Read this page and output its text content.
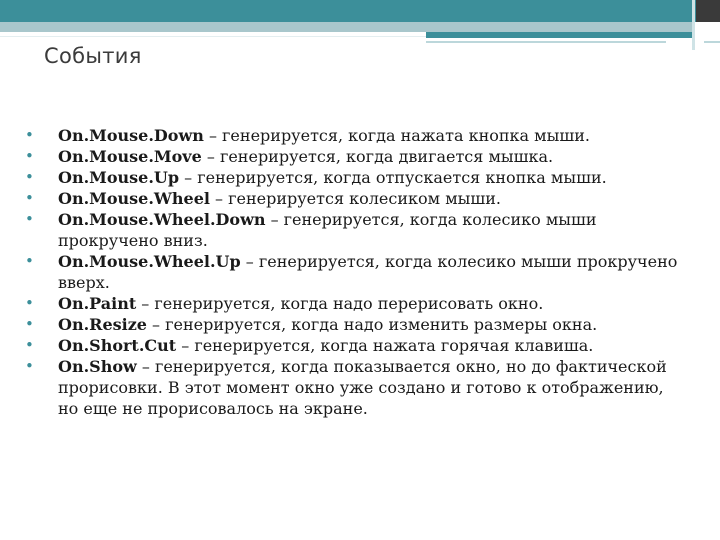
События
• On.Mouse.Down – генерируется, когда нажата кнопка мыши.
• On.Mouse.Move – генерируется, когда двигается мышка.
• On.Mouse.Up – генерируется, когда отпускается кнопка мыши.
• On.Mouse.Wheel – генерируется колесиком мыши.
• On.Mouse.Wheel.Down – генерируется, когда колесико мыши прокручено вниз.
• On.Mouse.Wheel.Up – генерируется, когда колесико мыши прокручено вверх.
• On.Paint – генерируется, когда надо перерисовать окно.
• On.Resize – генерируется, когда надо изменить размеры окна.
• On.Short.Cut – генерируется, когда нажата горячая клавиша.
• On.Show – генерируется, когда показывается окно, но до фактической прорисовки. В этот момент окно уже создано и готово к отображению, но еще не прорисовалось на экране.
